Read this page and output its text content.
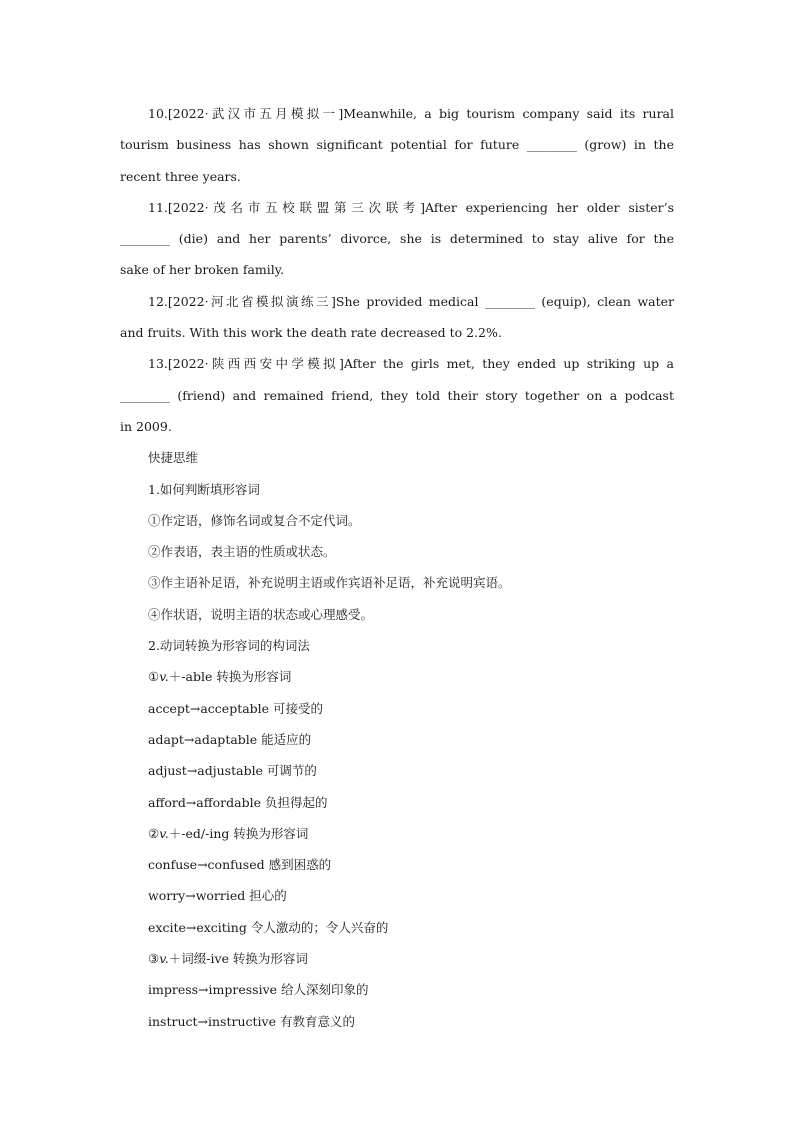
10.[2022·武汉市五月模拟一]Meanwhile, a big tourism company said its rural
tourism business has shown significant potential for future ________ (grow) in the
recent three years.
11.[2022·茂名市五校联盟第三次联考]After experiencing her older sister’s
________ (die) and her parents’ divorce, she is determined to stay alive for the
sake of her broken family.
12.[2022·河北省模拟演练三]She provided medical ________ (equip), clean water
and fruits. With this work the death rate decreased to 2.2%.
13.[2022·陕西西安中学模拟]After the girls met, they ended up striking up a
________ (friend) and remained friend, they told their story together on a podcast
in 2009.
快捷思维
1.如何判断填形容词
①作定语，修饰名词或复合不定代词。
②作表语，表主语的性质或状态。
③作主语补足语，补充说明主语或作宾语补足语，补充说明宾语。
④作状语，说明主语的状态或心理感受。
2.动词转换为形容词的构词法
①v.＋-able 转换为形容词
accept→acceptable 可接受的
adapt→adaptable 能适应的
adjust→adjustable 可调节的
afford→affordable 负担得起的
②v.＋-ed/-ing 转换为形容词
confuse→confused 感到困惑的
worry→worried 担心的
excite→exciting 令人激动的；令人兴奋的
③v.＋词缀-ive 转换为形容词
impress→impressive 给人深刻印象的
instruct→instructive 有教育意义的
